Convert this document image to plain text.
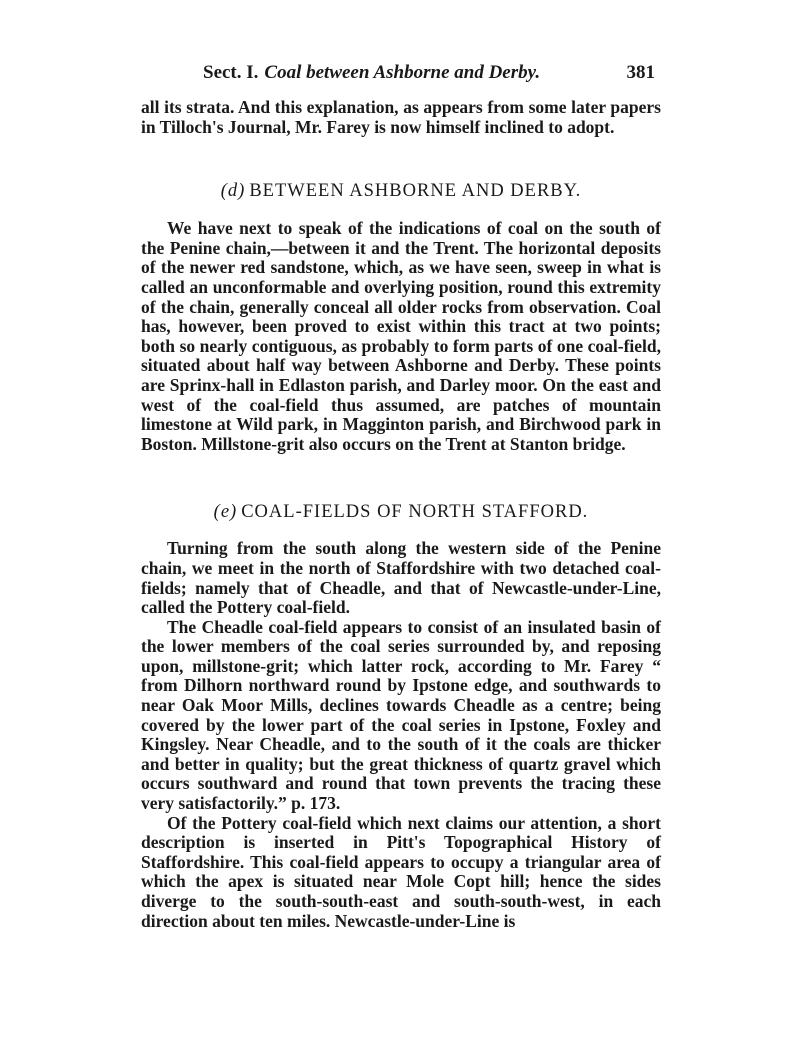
Sect. I. Coal between Ashborne and Derby.	381

all its strata. And this explanation, as appears from some later papers in Tilloch's Journal, Mr. Farey is now himself inclined to adopt.

(d) BETWEEN ASHBORNE AND DERBY.

We have next to speak of the indications of coal on the south of the Penine chain,—between it and the Trent. The horizontal deposits of the newer red sandstone, which, as we have seen, sweep in what is called an unconformable and overlying position, round this extremity of the chain, generally conceal all older rocks from observation. Coal has, however, been proved to exist within this tract at two points; both so nearly contiguous, as probably to form parts of one coal-field, situated about half way between Ashborne and Derby. These points are Sprinx-hall in Edlaston parish, and Darley moor. On the east and west of the coal-field thus assumed, are patches of mountain limestone at Wild park, in Magginton parish, and Birchwood park in Boston. Millstone-grit also occurs on the Trent at Stanton bridge.

(e) COAL-FIELDS OF NORTH STAFFORD.

Turning from the south along the western side of the Penine chain, we meet in the north of Staffordshire with two detached coal-fields; namely that of Cheadle, and that of Newcastle-under-Line, called the Pottery coal-field.

The Cheadle coal-field appears to consist of an insulated basin of the lower members of the coal series surrounded by, and reposing upon, millstone-grit; which latter rock, according to Mr. Farey “ from Dilhorn northward round by Ipstone edge, and southwards to near Oak Moor Mills, declines towards Cheadle as a centre; being covered by the lower part of the coal series in Ipstone, Foxley and Kingsley. Near Cheadle, and to the south of it the coals are thicker and better in quality; but the great thickness of quartz gravel which occurs southward and round that town prevents the tracing these very satisfactorily.” p. 173.

Of the Pottery coal-field which next claims our attention, a short description is inserted in Pitt's Topographical History of Staffordshire. This coal-field appears to occupy a triangular area of which the apex is situated near Mole Copt hill; hence the sides diverge to the south-south-east and south-south-west, in each direction about ten miles. Newcastle-under-Line is
